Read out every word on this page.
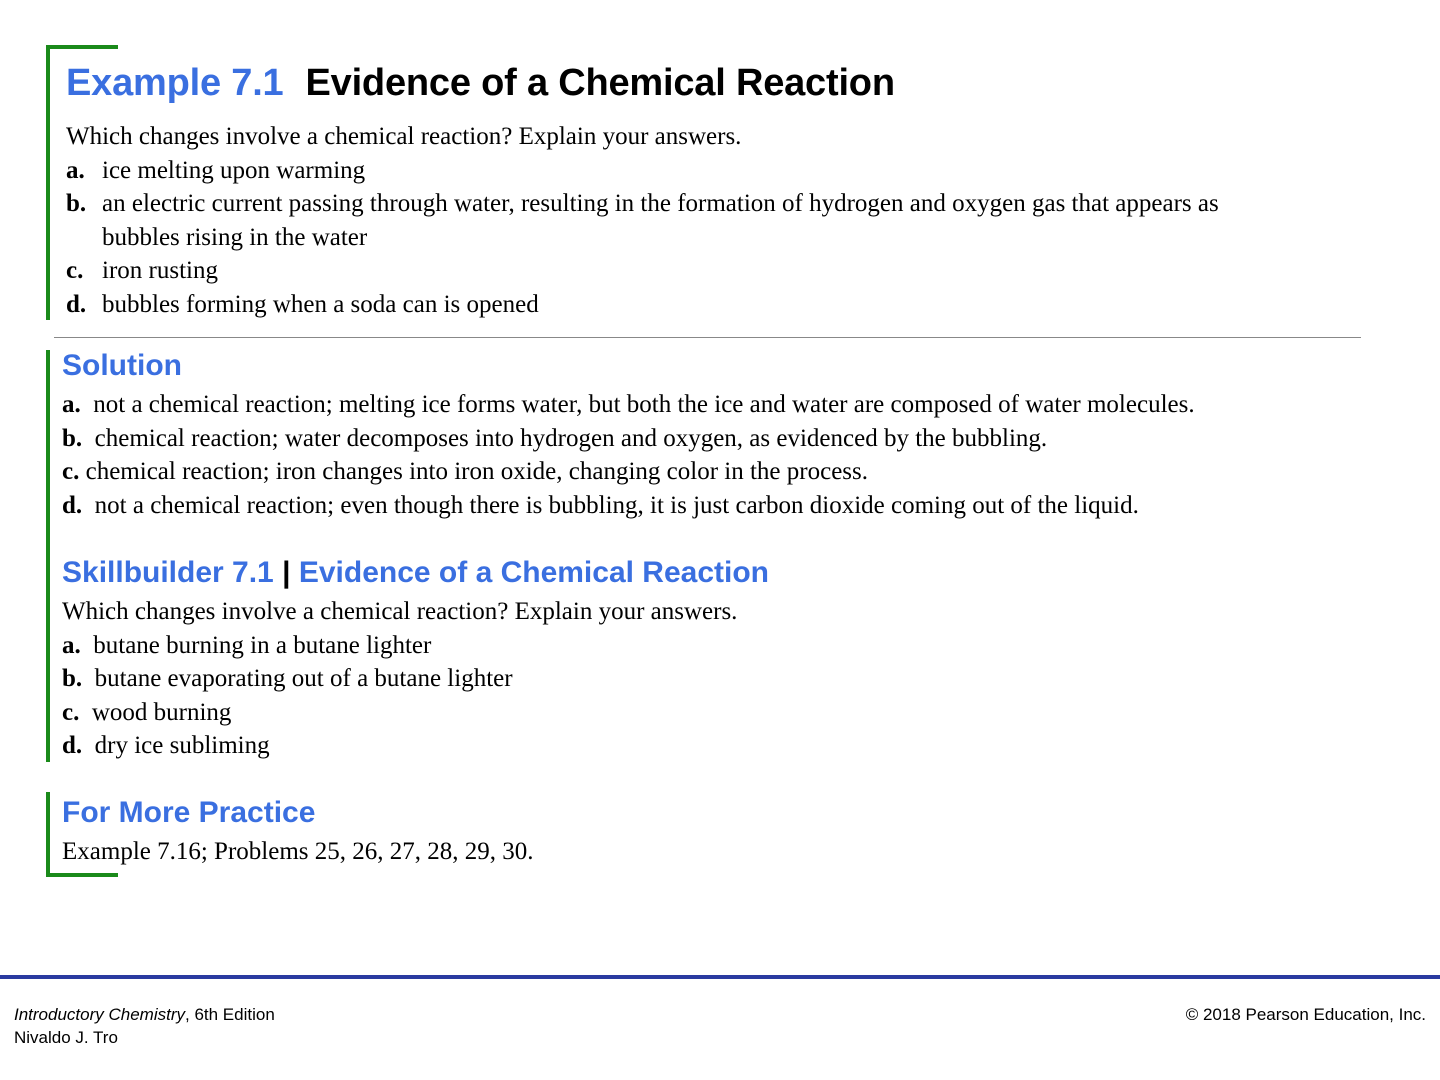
Example 7.1 Evidence of a Chemical Reaction
Which changes involve a chemical reaction? Explain your answers.
a. ice melting upon warming
b. an electric current passing through water, resulting in the formation of hydrogen and oxygen gas that appears as
bubbles rising in the water
c. iron rusting
d. bubbles forming when a soda can is opened
Solution
a. not a chemical reaction; melting ice forms water, but both the ice and water are composed of water molecules.
b. chemical reaction; water decomposes into hydrogen and oxygen, as evidenced by the bubbling.
c. chemical reaction; iron changes into iron oxide, changing color in the process.
d. not a chemical reaction; even though there is bubbling, it is just carbon dioxide coming out of the liquid.
Skillbuilder 7.1 | Evidence of a Chemical Reaction
Which changes involve a chemical reaction? Explain your answers.
a. butane burning in a butane lighter
b. butane evaporating out of a butane lighter
c. wood burning
d. dry ice subliming
For More Practice
Example 7.16; Problems 25, 26, 27, 28, 29, 30.
Introductory Chemistry, 6th Edition
Nivaldo J. Tro
© 2018 Pearson Education, Inc.
